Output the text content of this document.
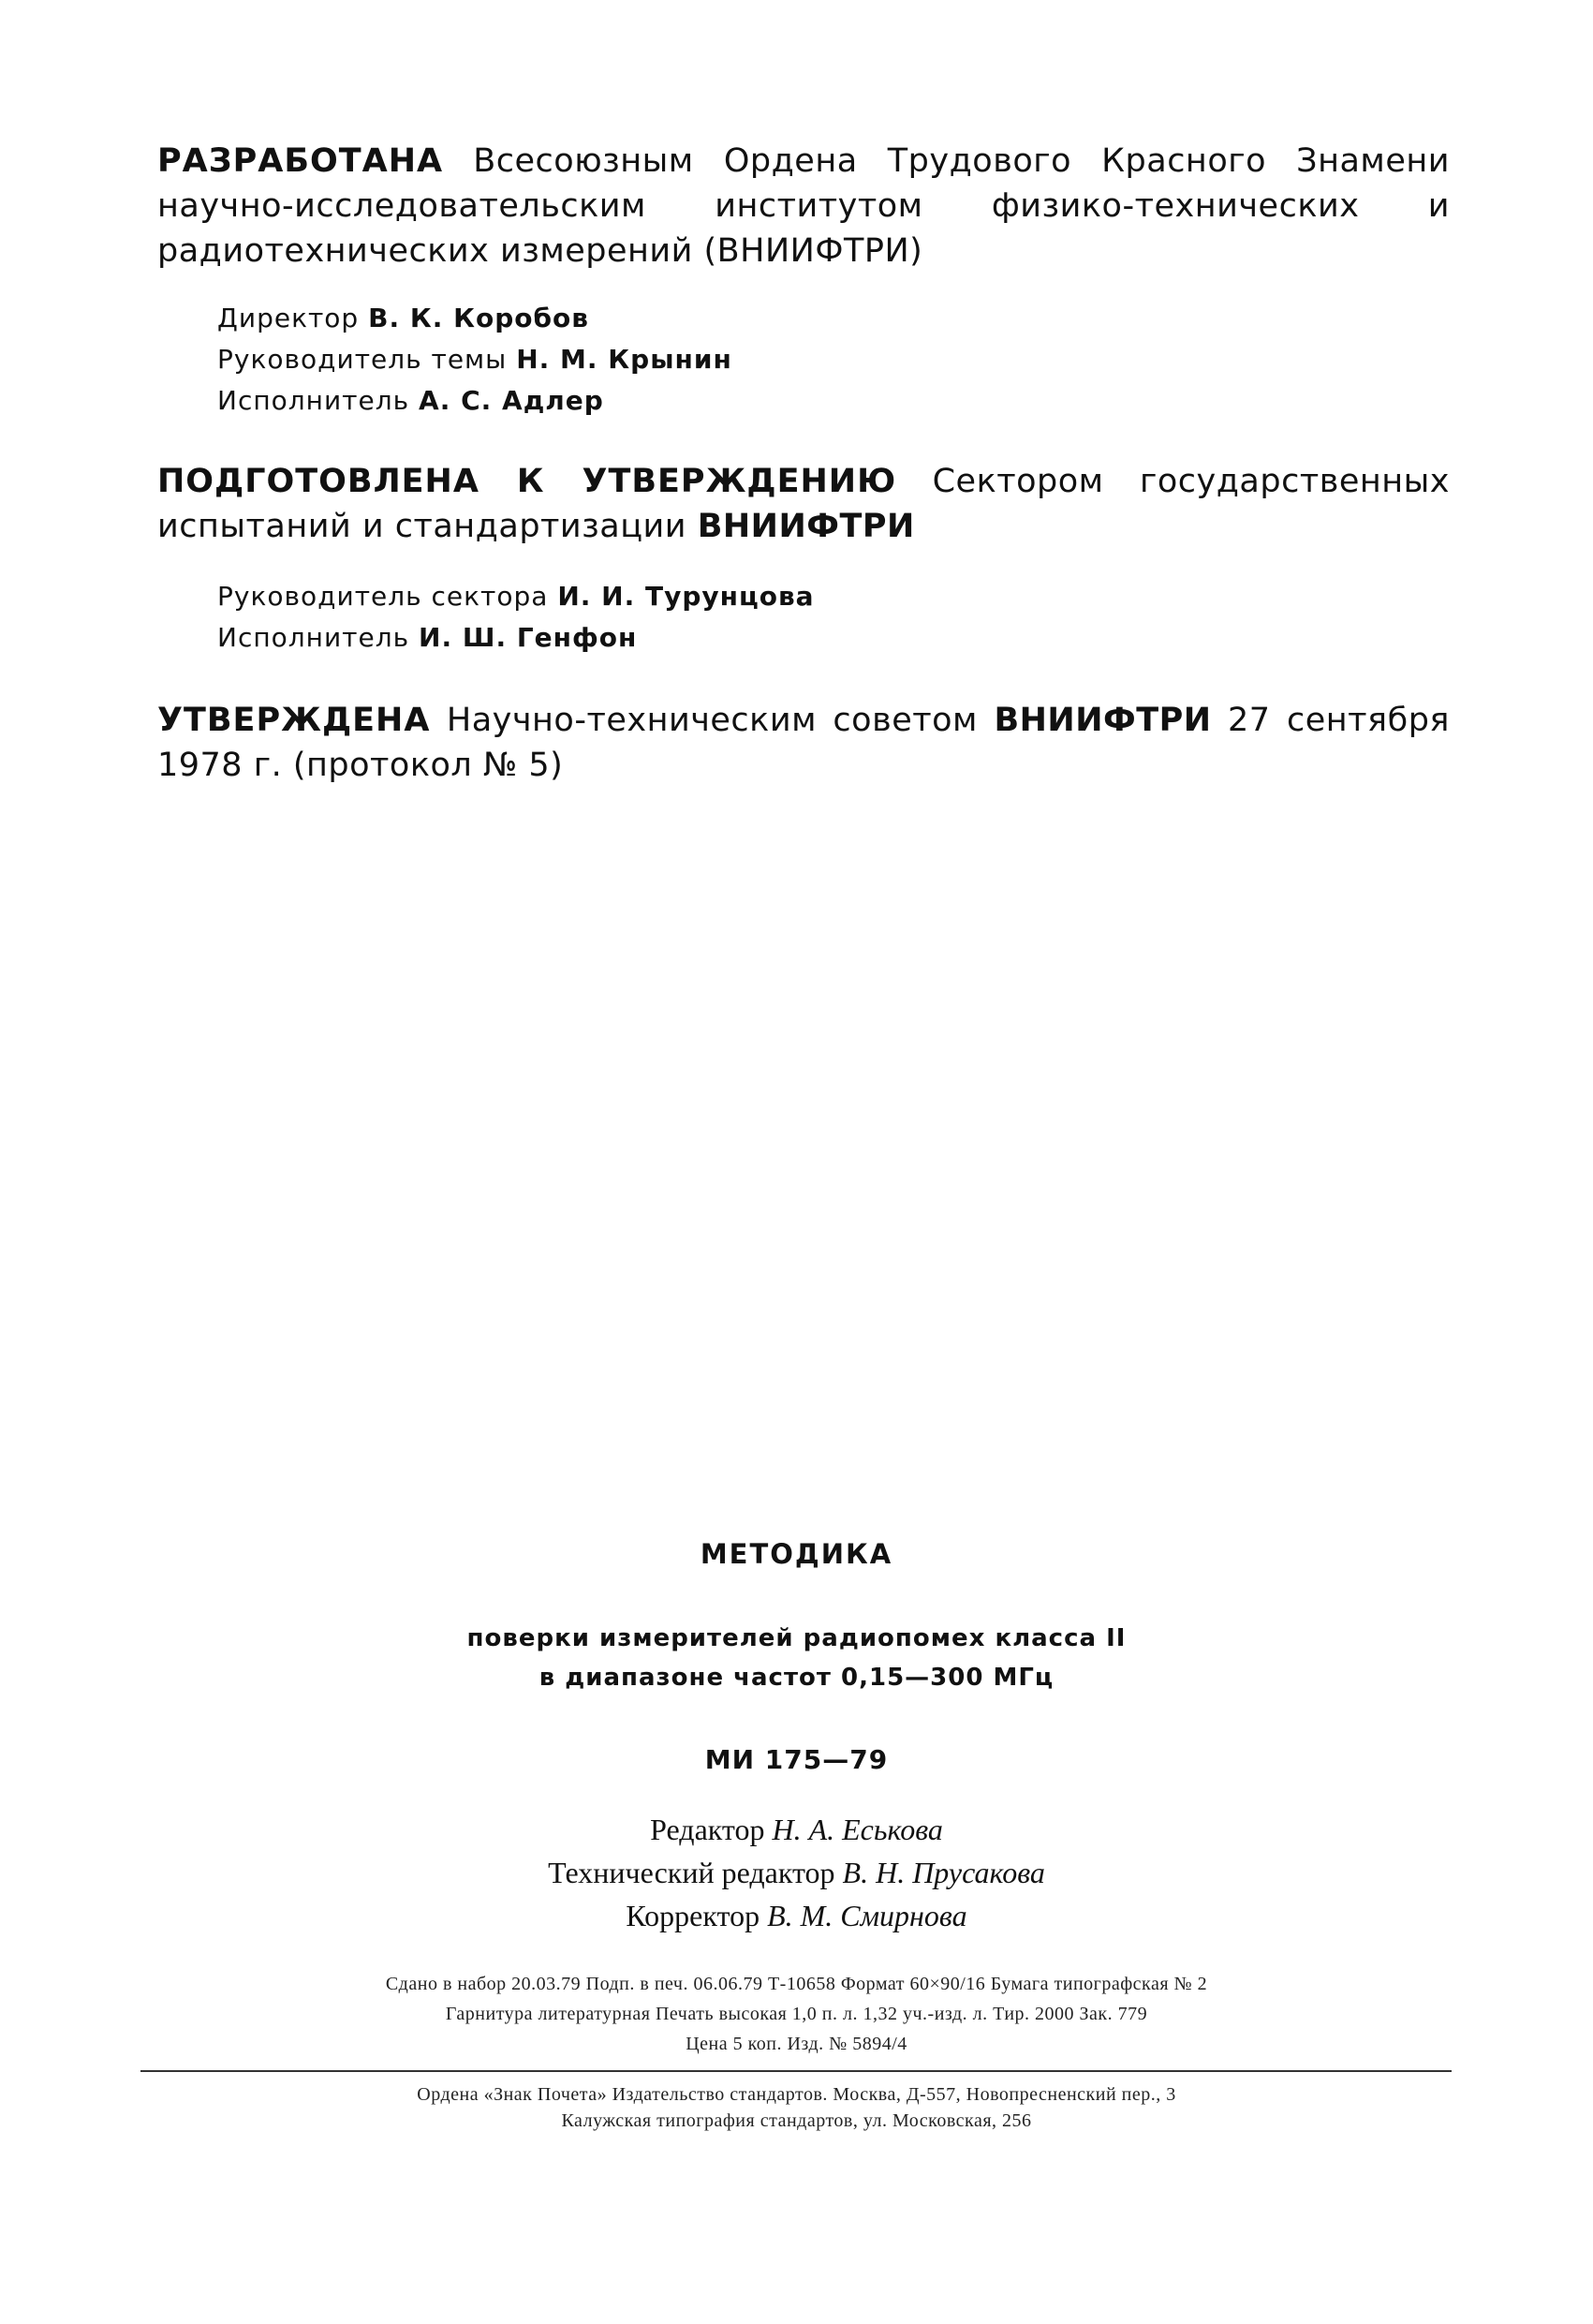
РАЗРАБОТАНА Всесоюзным Ордена Трудового Красного Знамени научно-исследовательским институтом физико-технических и радиотехнических измерений (ВНИИФТРИ)
Директор В. К. Коробов
Руководитель темы Н. М. Крынин
Исполнитель А. С. Адлер
ПОДГОТОВЛЕНА К УТВЕРЖДЕНИЮ Сектором государственных испытаний и стандартизации ВНИИФТРИ
Руководитель сектора И. И. Турунцова
Исполнитель И. Ш. Генфон
УТВЕРЖДЕНА Научно-техническим советом ВНИИФТРИ 27 сентября 1978 г. (протокол № 5)
МЕТОДИКА
поверки измерителей радиопомех класса II
в диапазоне частот 0,15—300 МГц
МИ 175—79
Редактор Н. А. Еськова
Технический редактор В. Н. Прусакова
Корректор В. М. Смирнова
Сдано в набор 20.03.79 Подп. в печ. 06.06.79 Т-10658 Формат 60×90/16 Бумага типографская № 2
Гарнитура литературная Печать высокая 1,0 п. л. 1,32 уч.-изд. л. Тир. 2000 Зак. 779
Цена 5 коп. Изд. № 5894/4
Ордена «Знак Почета» Издательство стандартов. Москва, Д-557, Новопресненский пер., 3
Калужская типография стандартов, ул. Московская, 256
